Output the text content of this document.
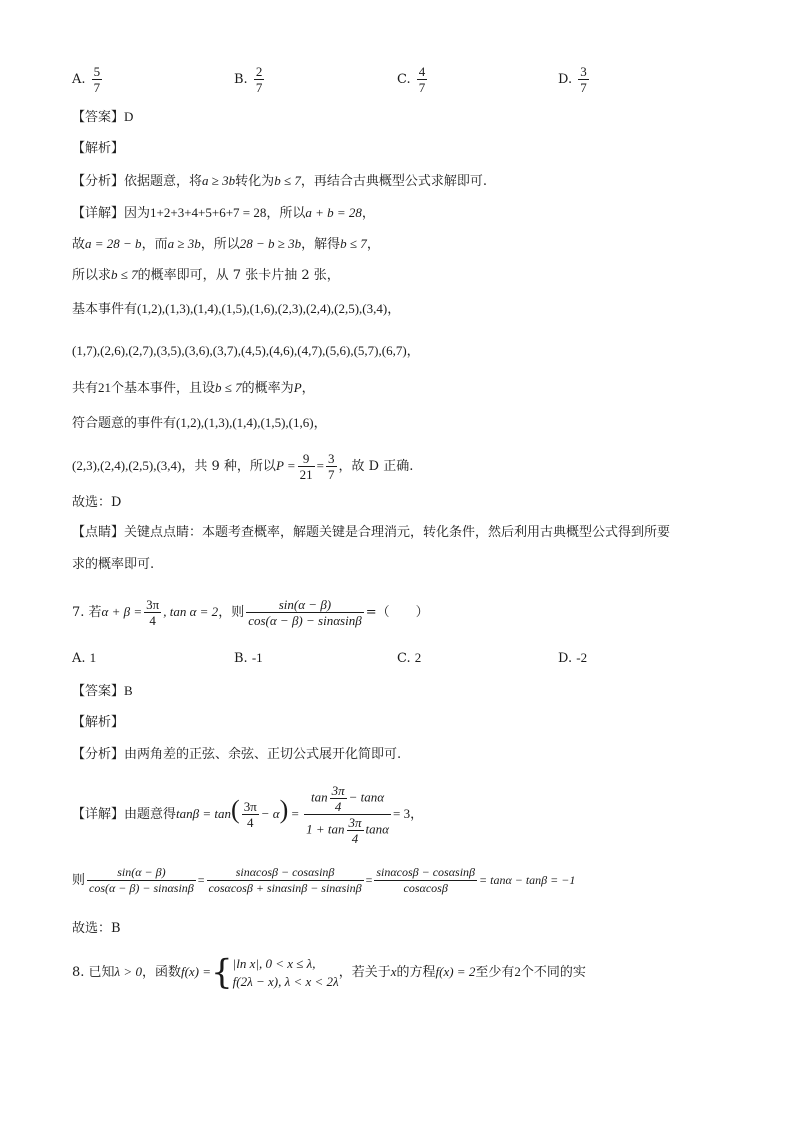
A. $\frac{5}{7}$	B. $\frac{2}{7}$	C. $\frac{4}{7}$	D. $\frac{3}{7}$
【答案】D
【解析】
【分析】依据题意，将a ≥ 3b转化为b ≤ 7，再结合古典概型公式求解即可.
【详解】因为1+2+3+4+5+6+7 = 28，所以a + b = 28，
故a = 28 − b，而a ≥ 3b，所以28 − b ≥ 3b，解得b ≤ 7，
所以求b ≤ 7的概率即可，从 7 张卡片抽 2 张，
基本事件有(1,2),(1,3),(1,4),(1,5),(1,6),(2,3),(2,4),(2,5),(3,4)，
(1,7),(2,6),(2,7),(3,5),(3,6),(3,7),(4,5),(4,6),(4,7),(5,6),(5,7),(6,7)，
共有21个基本事件，且设b ≤ 7的概率为P，
符合题意的事件有(1,2),(1,3),(1,4),(1,5),(1,6)，
(2,3),(2,4),(2,5),(3,4)，共 9 种，所以$P = \frac{9}{21} = \frac{3}{7}$ ，故 D 正确.
故选：D
【点睛】关键点点睛：本题考查概率，解题关键是合理消元，转化条件，然后利用古典概型公式得到所要
求的概率即可.
7. 若$\alpha + \beta = \frac{3\pi}{4}$ , tan α = 2，则 $\frac{\sin(\alpha - \beta)}{\cos(\alpha - \beta) - \sin\alpha\sin\beta}$ =（　　）
A. 1	B. -1	C. 2	D. -2
【答案】B
【解析】
【分析】由两角差的正弦、余弦、正切公式展开化简即可.
【详解】由题意得$\tan\beta = \tan( \frac{3\pi}{4} - \alpha) = \frac{\tan \frac{3\pi}{4} - \tan\alpha}{1 + \tan \frac{3\pi}{4} \tan\alpha} = 3$，
则 $\frac{\sin(\alpha - \beta)}{\cos(\alpha - \beta) - \sin\alpha\sin\beta} = \frac{\sin\alpha\cos\beta - \cos\alpha\sin\beta}{\cos\alpha\cos\beta + \sin\alpha\sin\beta - \sin\alpha\sin\beta} = \frac{\sin\alpha\cos\beta - \cos\alpha\sin\beta}{\cos\alpha\cos\beta} = \tan\alpha - \tan\beta = -1$
故选：B
8. 已知λ > 0，函数f(x) ={ |ln x|, 0 < x ≤ λ,
f(2λ − x), λ < x < 2λ
，若关于x的方程f(x) = 2至少有2个不同的实
